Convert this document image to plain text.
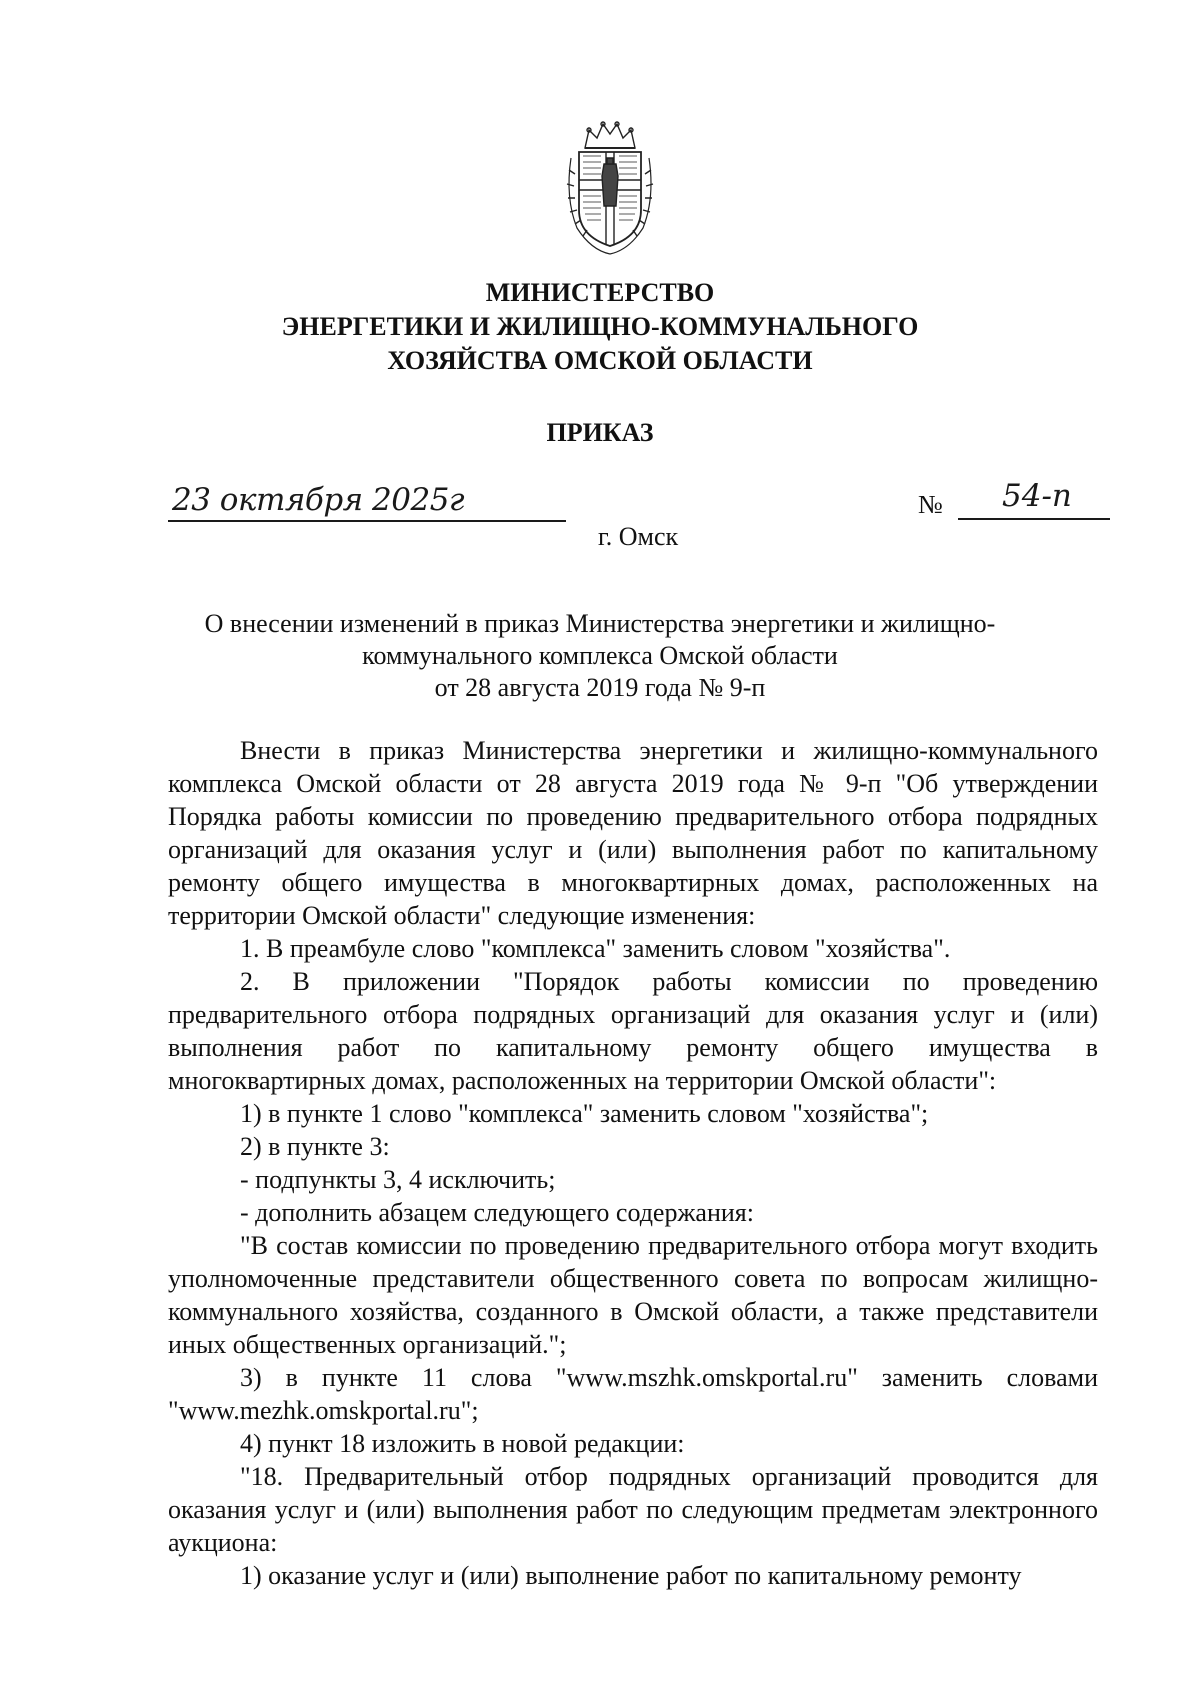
МИНИСТЕРСТВО
ЭНЕРГЕТИКИ И ЖИЛИЩНО-КОММУНАЛЬНОГО
ХОЗЯЙСТВА ОМСКОЙ ОБЛАСТИ
ПРИКАЗ
23 октября 2025г	№ 54-п
г. Омск
О внесении изменений в приказ Министерства энергетики и жилищно-
коммунального комплекса Омской области
от 28 августа 2019 года № 9-п

Внести в приказ Министерства энергетики и жилищно-коммунального комплекса Омской области от 28 августа 2019 года № 9-п "Об утверждении Порядка работы комиссии по проведению предварительного отбора подрядных организаций для оказания услуг и (или) выполнения работ по капитальному ремонту общего имущества в многоквартирных домах, расположенных на территории Омской области" следующие изменения:

1. В преамбуле слово "комплекса" заменить словом "хозяйства".

2. В приложении "Порядок работы комиссии по проведению предварительного отбора подрядных организаций для оказания услуг и (или) выполнения работ по капитальному ремонту общего имущества в многоквартирных домах, расположенных на территории Омской области":

1) в пункте 1 слово "комплекса" заменить словом "хозяйства";

2) в пункте 3:

- подпункты 3, 4 исключить;

- дополнить абзацем следующего содержания:

"В состав комиссии по проведению предварительного отбора могут входить уполномоченные представители общественного совета по вопросам жилищно-коммунального хозяйства, созданного в Омской области, а также представители иных общественных организаций.";

3) в пункте 11 слова "www.mszhk.omskportal.ru" заменить словами "www.mezhk.omskportal.ru";

4) пункт 18 изложить в новой редакции:

"18. Предварительный отбор подрядных организаций проводится для оказания услуг и (или) выполнения работ по следующим предметам электронного аукциона:

1) оказание услуг и (или) выполнение работ по капитальному ремонту
